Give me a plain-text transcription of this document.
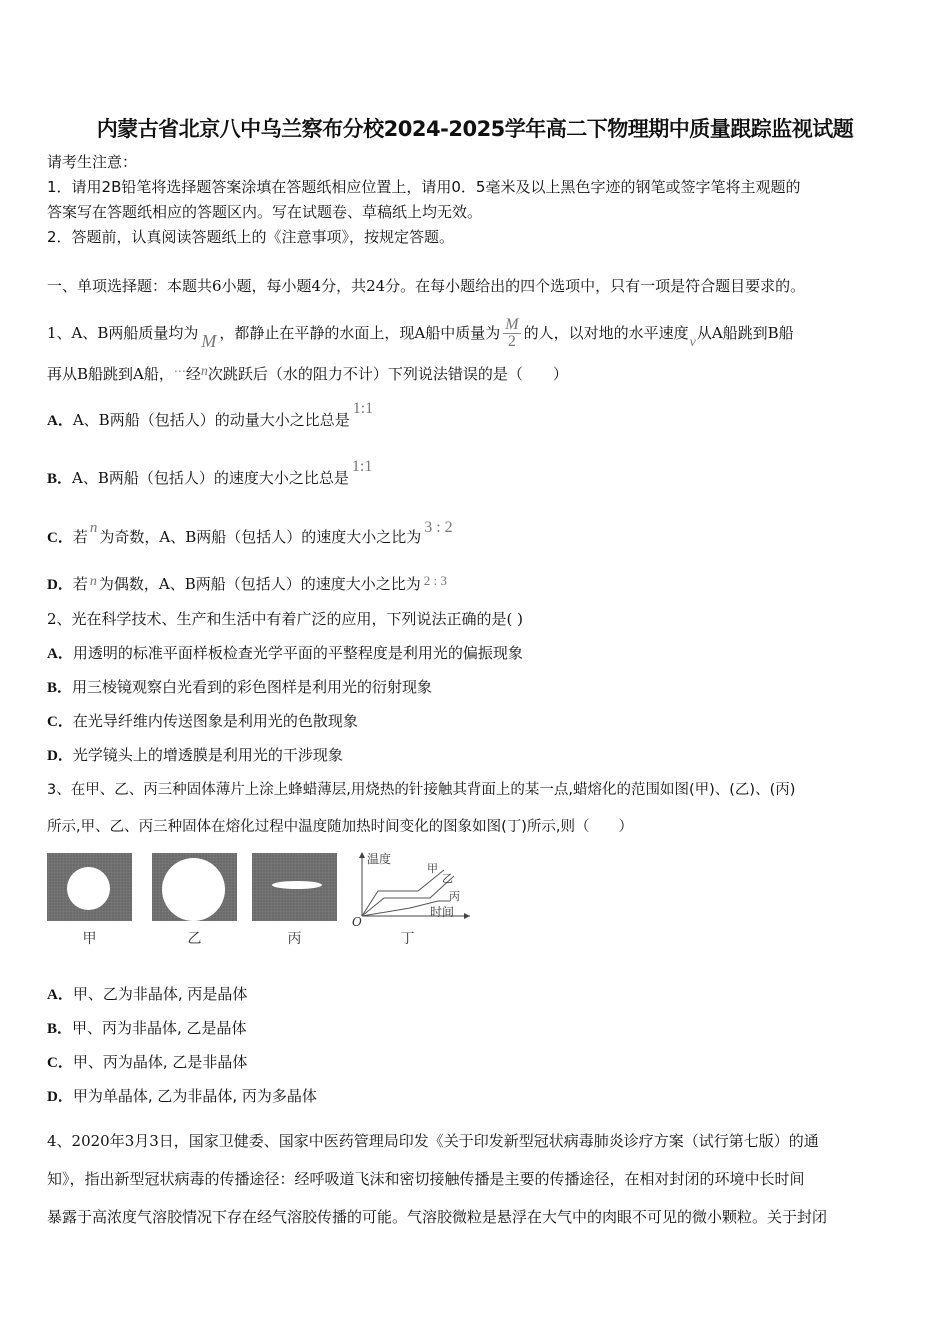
内蒙古省北京八中乌兰察布分校2024-2025学年高二下物理期中质量跟踪监视试题
请考生注意：
1．请用2B铅笔将选择题答案涂填在答题纸相应位置上，请用0．5毫米及以上黑色字迹的钢笔或签字笔将主观题的
答案写在答题纸相应的答题区内。写在试题卷、草稿纸上均无效。
2．答题前，认真阅读答题纸上的《注意事项》，按规定答题。
一、单项选择题：本题共6小题，每小题4分，共24分。在每小题给出的四个选项中，只有一项是符合题目要求的。
1、A、B两船质量均为 M ，都静止在平静的水面上，现A船中质量为 $\frac{M}{2}$ 的人，以对地的水平速度
v
从A船跳到B船
再从B船跳到A船，⋯经n次跳跃后（水的阻力不计）下列说法错误的是（　　）
A．A、B两船（包括人）的动量大小之比总是1:1
B．A、B两船（包括人）的速度大小之比总是1:1
C．若 n 为奇数，A、B两船（包括人）的速度大小之比为3 : 2
D．若 n 为偶数，A、B两船（包括人）的速度大小之比为 2 : 3
2、光在科学技术、生产和生活中有着广泛的应用，下列说法正确的是( )
A．用透明的标准平面样板检查光学平面的平整程度是利用光的偏振现象
B．用三棱镜观察白光看到的彩色图样是利用光的衍射现象
C．在光导纤维内传送图象是利用光的色散现象
D．光学镜头上的增透膜是利用光的干涉现象
3、在甲、乙、丙三种固体薄片上涂上蜂蜡薄层,用烧热的针接触其背面上的某一点,蜡熔化的范围如图(甲)、(乙)、(丙)
所示,甲、乙、丙三种固体在熔化过程中温度随加热时间变化的图象如图(丁)所示,则（　　）
甲	乙	丙
温度
时间
O
甲
乙
丙
丁
A．甲、乙为非晶体, 丙是晶体
B．甲、丙为非晶体, 乙是晶体
C．甲、丙为晶体, 乙是非晶体
D．甲为单晶体, 乙为非晶体, 丙为多晶体
4、2020年3月3日，国家卫健委、国家中医药管理局印发《关于印发新型冠状病毒肺炎诊疗方案（试行第七版）的通
知》，指出新型冠状病毒的传播途径：经呼吸道飞沫和密切接触传播是主要的传播途径，在相对封闭的环境中长时间
暴露于高浓度气溶胶情况下存在经气溶胶传播的可能。气溶胶微粒是悬浮在大气中的肉眼不可见的微小颗粒。关于封闭
